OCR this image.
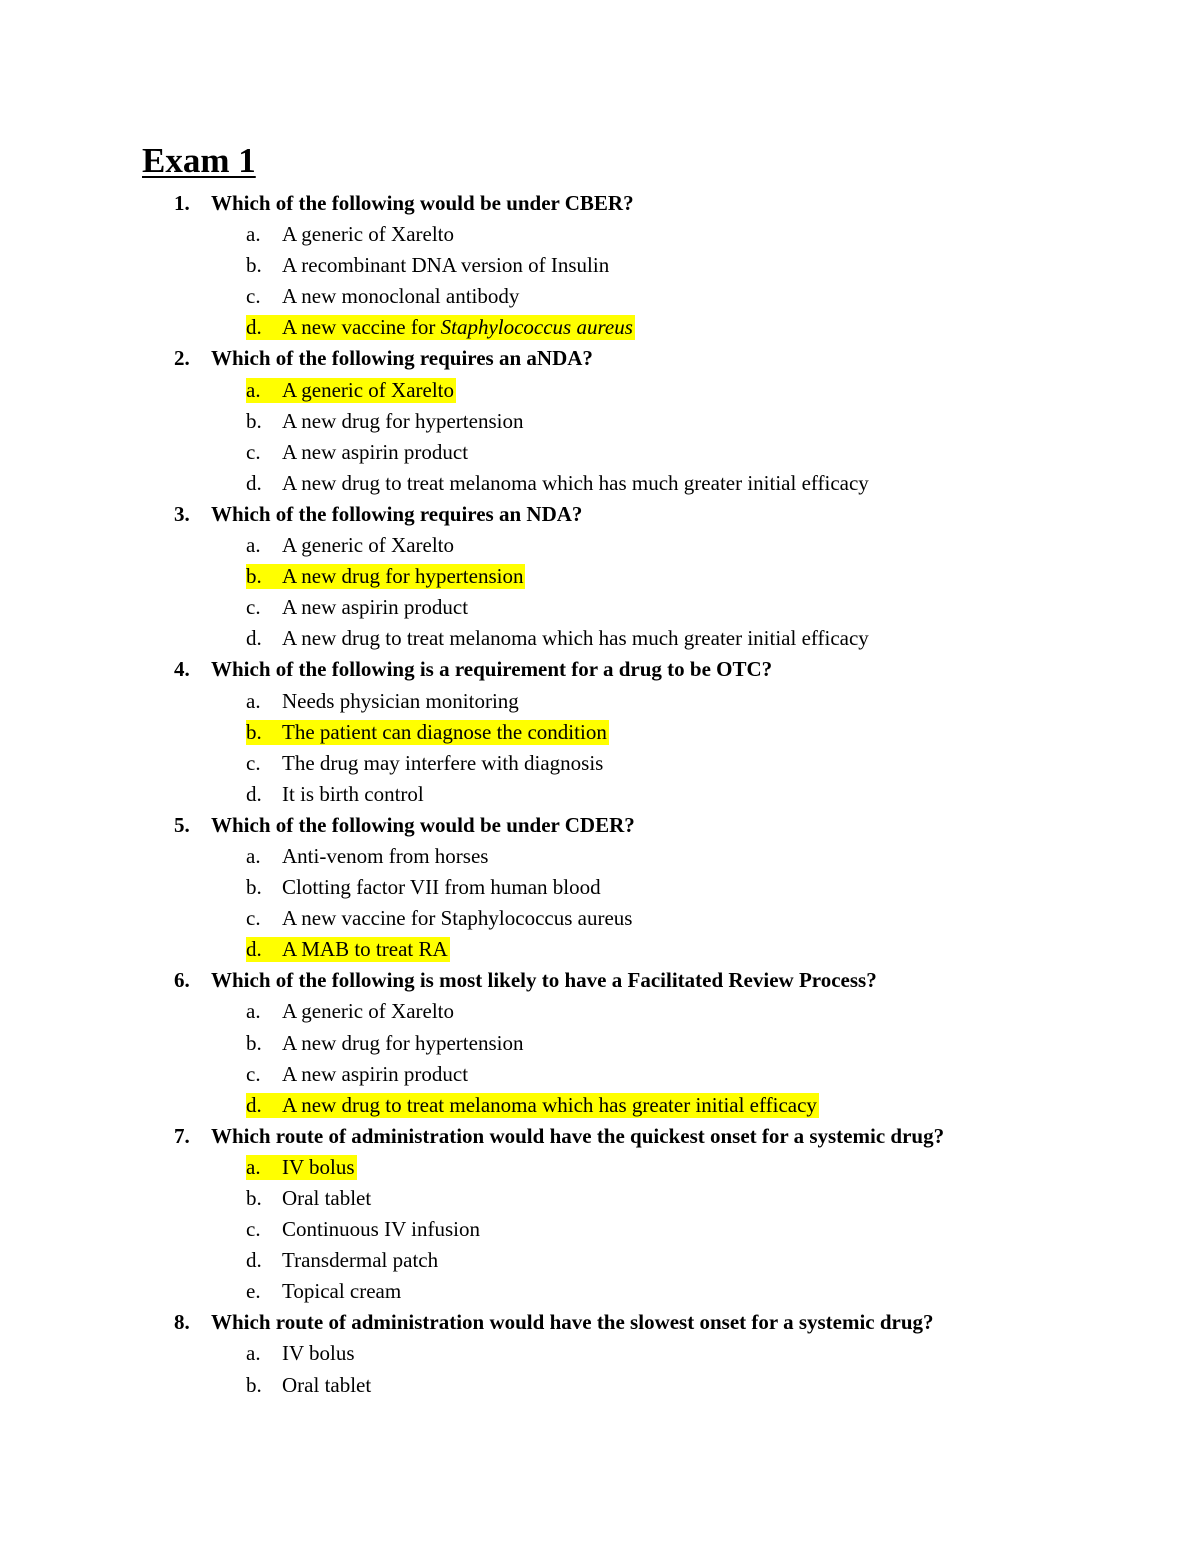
Exam 1
1. Which of the following would be under CBER?
a. A generic of Xarelto
b. A recombinant DNA version of Insulin
c. A new monoclonal antibody
d. A new vaccine for Staphylococcus aureus
2. Which of the following requires an aNDA?
a. A generic of Xarelto
b. A new drug for hypertension
c. A new aspirin product
d. A new drug to treat melanoma which has much greater initial efficacy
3. Which of the following requires an NDA?
a. A generic of Xarelto
b. A new drug for hypertension
c. A new aspirin product
d. A new drug to treat melanoma which has much greater initial efficacy
4. Which of the following is a requirement for a drug to be OTC?
a. Needs physician monitoring
b. The patient can diagnose the condition
c. The drug may interfere with diagnosis
d. It is birth control
5. Which of the following would be under CDER?
a. Anti-venom from horses
b. Clotting factor VII from human blood
c. A new vaccine for Staphylococcus aureus
d. A MAB to treat RA
6. Which of the following is most likely to have a Facilitated Review Process?
a. A generic of Xarelto
b. A new drug for hypertension
c. A new aspirin product
d. A new drug to treat melanoma which has greater initial efficacy
7. Which route of administration would have the quickest onset for a systemic drug?
a. IV bolus
b. Oral tablet
c. Continuous IV infusion
d. Transdermal patch
e. Topical cream
8. Which route of administration would have the slowest onset for a systemic drug?
a. IV bolus
b. Oral tablet
